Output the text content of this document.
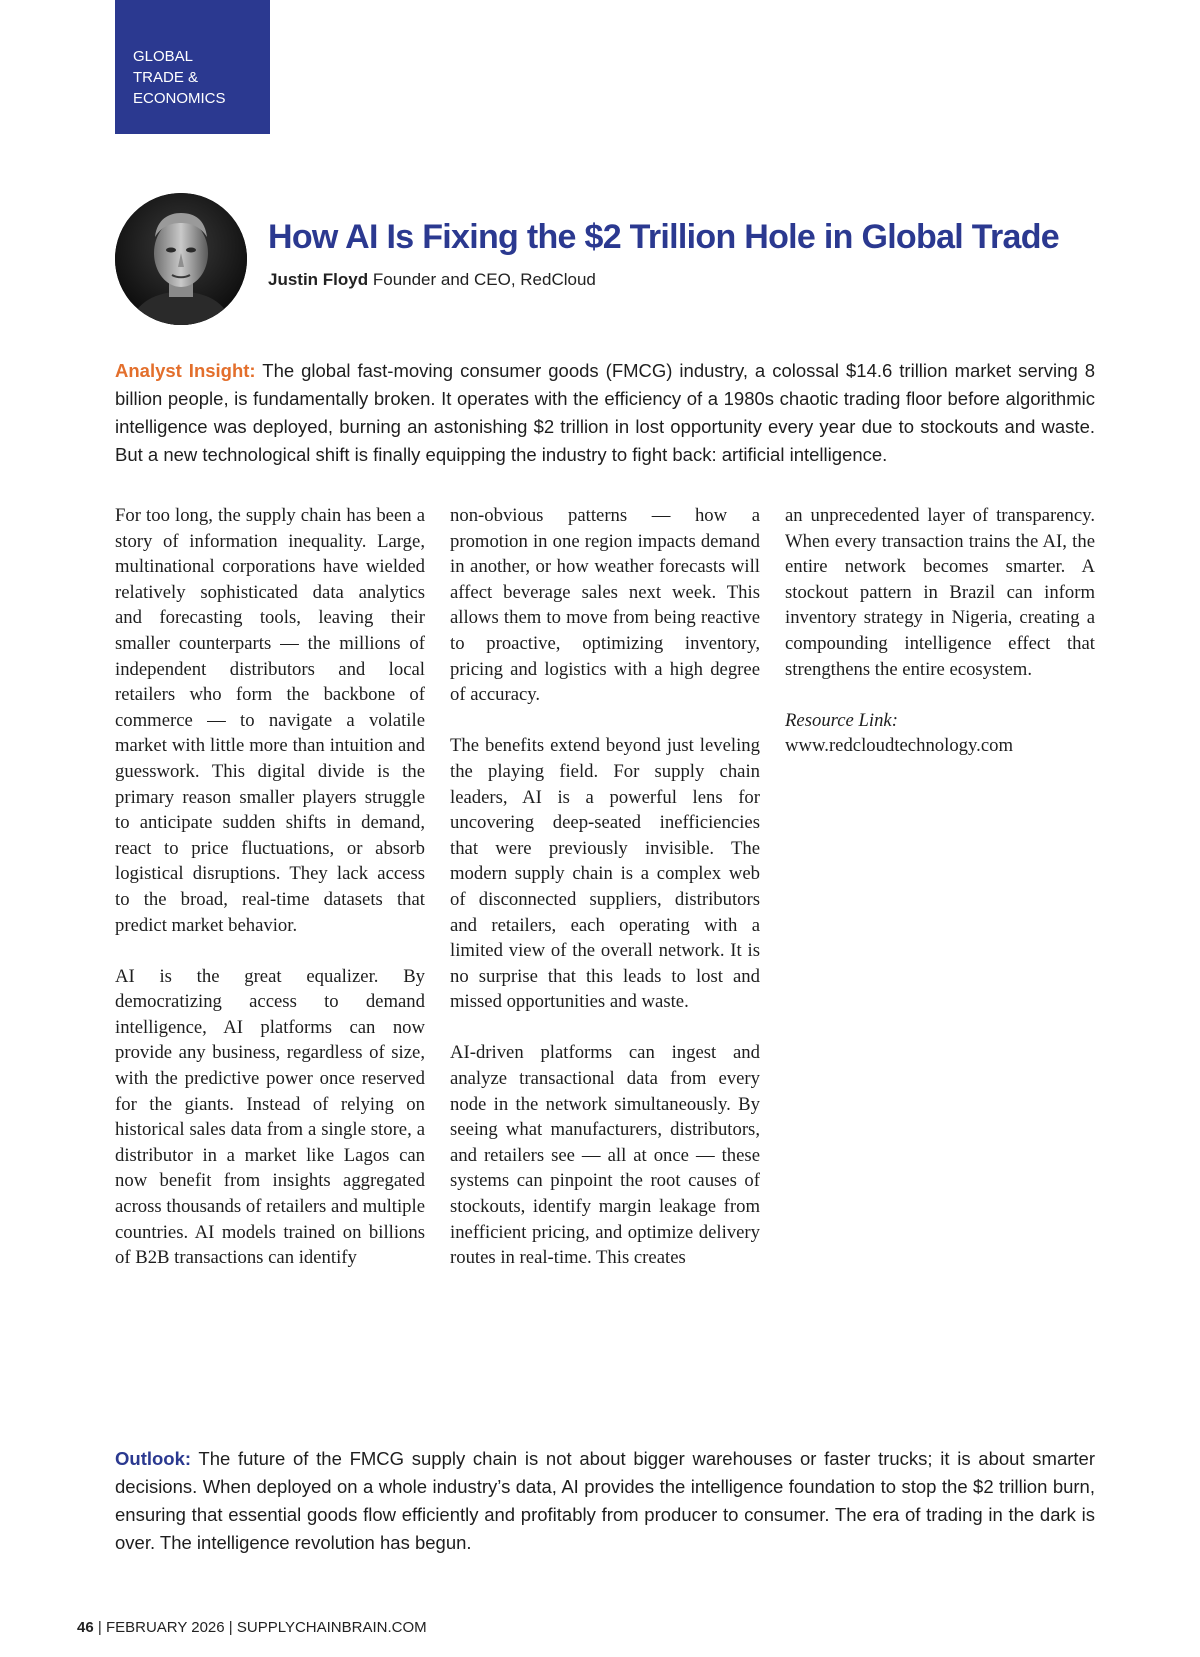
GLOBAL
TRADE &
ECONOMICS
How AI Is Fixing the $2 Trillion Hole in Global Trade
Justin Floyd Founder and CEO, RedCloud

Analyst Insight: The global fast-moving consumer goods (FMCG) industry, a colossal $14.6 trillion market serving 8 billion people, is fundamentally broken. It operates with the efficiency of a 1980s chaotic trading floor before algorithmic intelligence was deployed, burning an astonishing $2 trillion in lost opportunity every year due to stockouts and waste. But a new technological shift is finally equipping the industry to fight back: artificial intelligence.

For too long, the supply chain has been a story of information inequality. Large, multinational corporations have wielded relatively sophisticated data analytics and forecasting tools, leaving their smaller counterparts — the millions of independent distributors and local retailers who form the backbone of commerce — to navigate a volatile market with little more than intuition and guesswork. This digital divide is the primary reason smaller players struggle to anticipate sudden shifts in demand, react to price fluctuations, or absorb logistical disruptions. They lack access to the broad, real-time datasets that predict market behavior.

AI is the great equalizer. By democratizing access to demand intelligence, AI platforms can now provide any business, regardless of size, with the predictive power once reserved for the giants. Instead of relying on historical sales data from a single store, a distributor in a market like Lagos can now benefit from insights aggregated across thousands of retailers and multiple countries. AI models trained on billions of B2B transactions can identify

non-obvious patterns — how a promotion in one region impacts demand in another, or how weather forecasts will affect beverage sales next week. This allows them to move from being reactive to proactive, optimizing inventory, pricing and logistics with a high degree of accuracy.

The benefits extend beyond just leveling the playing field. For supply chain leaders, AI is a powerful lens for uncovering deep-seated inefficiencies that were previously invisible. The modern supply chain is a complex web of disconnected suppliers, distributors and retailers, each operating with a limited view of the overall network. It is no surprise that this leads to lost and missed opportunities and waste.

AI-driven platforms can ingest and analyze transactional data from every node in the network simultaneously. By seeing what manufacturers, distributors, and retailers see — all at once — these systems can pinpoint the root causes of stockouts, identify margin leakage from inefficient pricing, and optimize delivery routes in real-time. This creates

an unprecedented layer of transparency. When every transaction trains the AI, the entire network becomes smarter. A stockout pattern in Brazil can inform inventory strategy in Nigeria, creating a compounding intelligence effect that strengthens the entire ecosystem.

Resource Link:

www.redcloudtechnology.com

Outlook: The future of the FMCG supply chain is not about bigger warehouses or faster trucks; it is about smarter decisions. When deployed on a whole industry’s data, AI provides the intelligence foundation to stop the $2 trillion burn, ensuring that essential goods flow efficiently and profitably from producer to consumer. The era of trading in the dark is over. The intelligence revolution has begun.

46 | FEBRUARY 2026 | SUPPLYCHAINBRAIN.COM
